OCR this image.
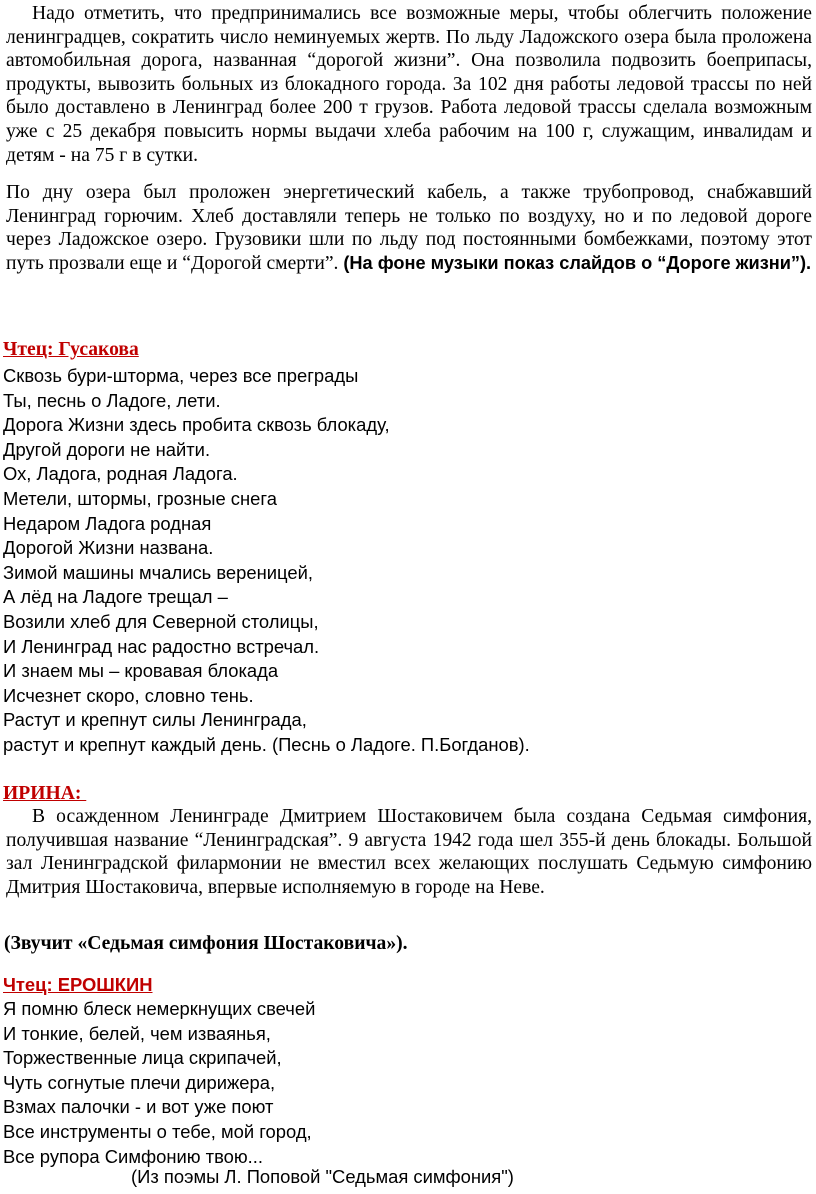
Надо отметить, что предпринимались все возможные меры, чтобы облегчить положение ленинградцев, сократить число неминуемых жертв. По льду Ладожского озера была проложена автомобильная дорога, названная “дорогой жизни”. Она позволила подвозить боеприпасы, продукты, вывозить больных из блокадного города. За 102 дня работы ледовой трассы по ней было доставлено в Ленинград более 200 т грузов. Работа ледовой трассы сделала возможным уже с 25 декабря повысить нормы выдачи хлеба рабочим на 100 г, служащим, инвалидам и детям - на 75 г в сутки.

По дну озера был проложен энергетический кабель, а также трубопровод, снабжавший Ленинград горючим. Хлеб доставляли теперь не только по воздуху, но и по ледовой дороге через Ладожское озеро. Грузовики шли по льду под постоянными бомбежками, поэтому этот путь прозвали еще и “Дорогой смерти”. (На фоне музыки показ слайдов о “Дороге жизни”).

Чтец: Гусакова
Сквозь бури-шторма, через все преграды
Ты, песнь о Ладоге, лети.
Дорога Жизни здесь пробита сквозь блокаду,
Другой дороги не найти.
Ох, Ладога, родная Ладога.
Метели, штормы, грозные снега
Недаром Ладога родная
Дорогой Жизни названа.
Зимой машины мчались вереницей,
А лёд на Ладоге трещал –
Возили хлеб для Северной столицы,
И Ленинград нас радостно встречал.
И знаем мы – кровавая блокада
Исчезнет скоро, словно тень.
Растут и крепнут силы Ленинграда,
растут и крепнут каждый день. (Песнь о Ладоге. П.Богданов).
ИРИНА:

В осажденном Ленинграде Дмитрием Шостаковичем была создана Седьмая симфония, получившая название “Ленинградская”. 9 августа 1942 года шел 355-й день блокады. Большой зал Ленинградской филармонии не вместил всех желающих послушать Седьмую симфонию Дмитрия Шостаковича, впервые исполняемую в городе на Неве.

(Звучит «Седьмая симфония Шостаковича»).
Чтец: ЕРОШКИН
Я помню блеск немеркнущих свечей
И тонкие, белей, чем изваянья,
Торжественные лица скрипачей,
Чуть согнутые плечи дирижера,
Взмах палочки - и вот уже поют
Все инструменты о тебе, мой город,
Все рупора Симфонию твою...
(Из поэмы Л. Поповой "Седьмая симфония")
